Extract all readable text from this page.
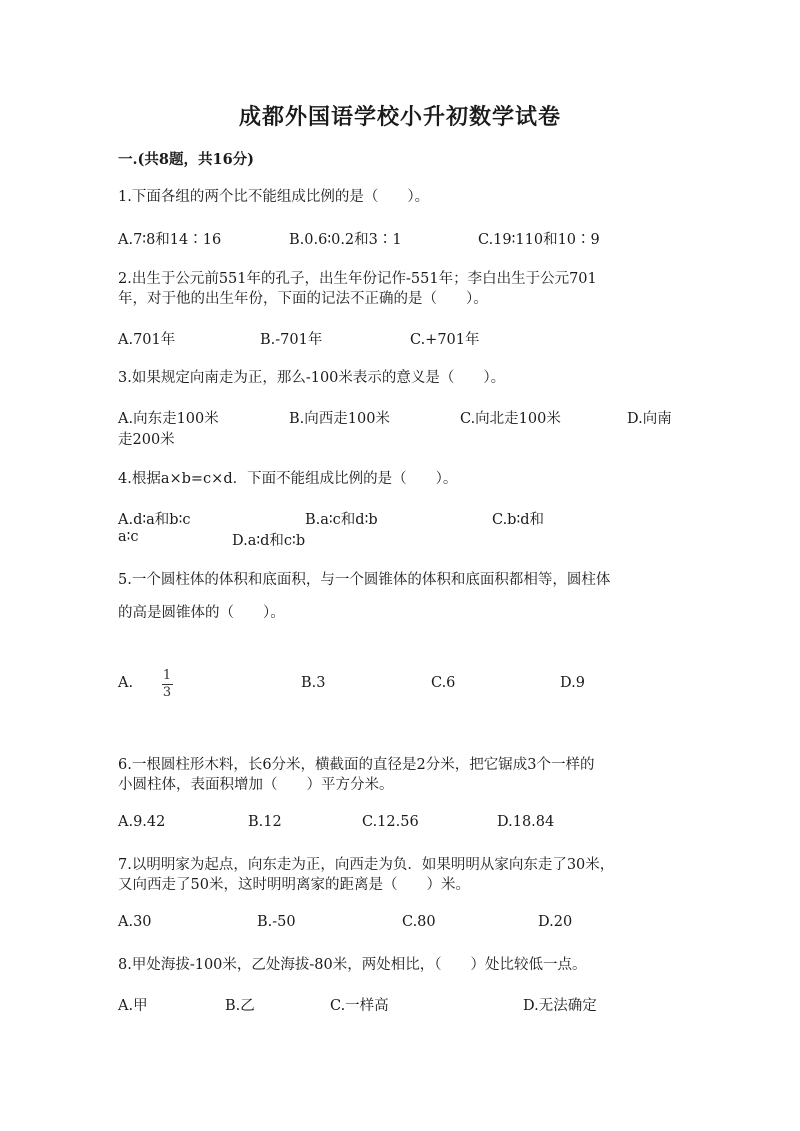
成都外国语学校小升初数学试卷
一.(共8题，共16分)
1.下面各组的两个比不能组成比例的是（　　）。
A.7∶8和14∶16	B.0.6∶0.2和3∶1	C.19∶110和10∶9
2.出生于公元前551年的孔子，出生年份记作-551年；李白出生于公元701
年，对于他的出生年份，下面的记法不正确的是（　　）。
A.701年	B.-701年	C.+701年
3.如果规定向南走为正，那么-100米表示的意义是（　　）。
A.向东走100米	B.向西走100米	C.向北走100米	D.向南
走200米
4.根据a×b=c×d．下面不能组成比例的是（　　）。
A.d∶a和b∶c	B.a∶c和d∶b	C.b∶d和
a∶c	D.a∶d和c∶b
5.一个圆柱体的体积和底面积，与一个圆锥体的体积和底面积都相等，圆柱体
的高是圆锥体的（　　）。
A. 1
3
B.3	C.6	D.9
6.一根圆柱形木料，长6分米，横截面的直径是2分米，把它锯成3个一样的
小圆柱体，表面积增加（　　）平方分米。
A.9.42	B.12	C.12.56	D.18.84
7.以明明家为起点，向东走为正，向西走为负．如果明明从家向东走了30米，
又向西走了50米，这时明明离家的距离是（　　）米。
A.30	B.-50	C.80	D.20
8.甲处海拔-100米，乙处海拔-80米，两处相比，（　　）处比较低一点。
A.甲	B.乙	C.一样高	D.无法确定
